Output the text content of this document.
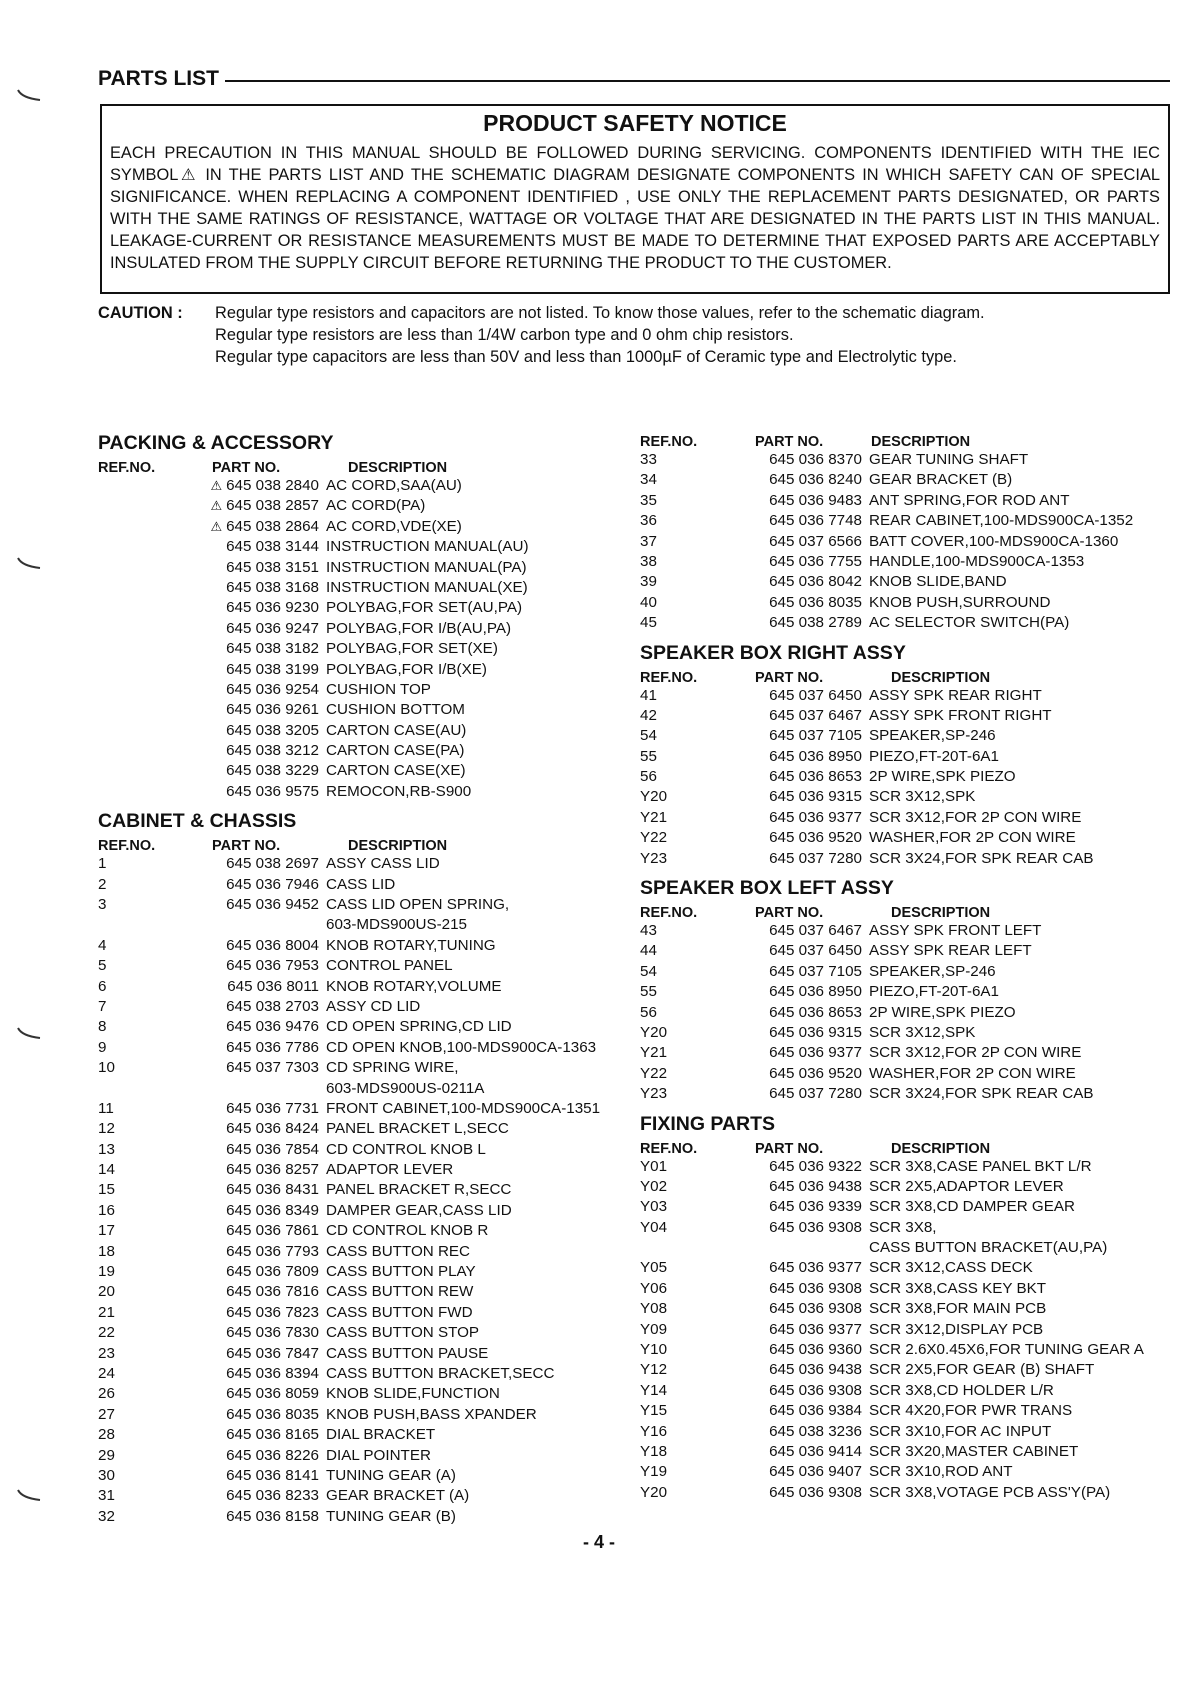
PARTS LIST
PRODUCT SAFETY NOTICE
EACH PRECAUTION IN THIS MANUAL SHOULD BE FOLLOWED DURING SERVICING. COMPONENTS IDENTIFIED WITH THE IEC SYMBOL⚠ IN THE PARTS LIST AND THE SCHEMATIC DIAGRAM DESIGNATE COMPONENTS IN WHICH SAFETY CAN OF SPECIAL SIGNIFICANCE. WHEN REPLACING A COMPONENT IDENTIFIED , USE ONLY THE REPLACEMENT PARTS DESIGNATED, OR PARTS WITH THE SAME RATINGS OF RESISTANCE, WATTAGE OR VOLTAGE THAT ARE DESIGNATED IN THE PARTS LIST IN THIS MANUAL. LEAKAGE-CURRENT OR RESISTANCE MEASUREMENTS MUST BE MADE TO DETERMINE THAT EXPOSED PARTS ARE ACCEPTABLY INSULATED FROM THE SUPPLY CIRCUIT BEFORE RETURNING THE PRODUCT TO THE CUSTOMER.
CAUTION :	Regular type resistors and capacitors are not listed. To know those values, refer to the schematic diagram.
Regular type resistors are less than 1/4W carbon type and 0 ohm chip resistors.
Regular type capacitors are less than 50V and less than 1000µF of Ceramic type and Electrolytic type.
PACKING & ACCESSORY
REF.NO.	PART NO.	DESCRIPTION
⚠ 645 038 2840 AC CORD,SAA(AU)
⚠ 645 038 2857 AC CORD(PA)
⚠ 645 038 2864 AC CORD,VDE(XE)
645 038 3144 INSTRUCTION MANUAL(AU)
645 038 3151 INSTRUCTION MANUAL(PA)
645 038 3168 INSTRUCTION MANUAL(XE)
645 036 9230 POLYBAG,FOR SET(AU,PA)
645 036 9247 POLYBAG,FOR I/B(AU,PA)
645 038 3182 POLYBAG,FOR SET(XE)
645 038 3199 POLYBAG,FOR I/B(XE)
645 036 9254 CUSHION TOP
645 036 9261 CUSHION BOTTOM
645 038 3205 CARTON CASE(AU)
645 038 3212 CARTON CASE(PA)
645 038 3229 CARTON CASE(XE)
645 036 9575 REMOCON,RB-S900
CABINET & CHASSIS
REF.NO.	PART NO.	DESCRIPTION
1	645 038 2697 ASSY CASS LID
2	645 036 7946 CASS LID
3	645 036 9452 CASS LID OPEN SPRING,
603-MDS900US-215
4	645 036 8004 KNOB ROTARY,TUNING
5	645 036 7953 CONTROL PANEL
6	645 036 8011 KNOB ROTARY,VOLUME
7	645 038 2703 ASSY CD LID
8	645 036 9476 CD OPEN SPRING,CD LID
9	645 036 7786 CD OPEN KNOB,100-MDS900CA-1363
10	645 037 7303 CD SPRING WIRE,
603-MDS900US-0211A
11	645 036 7731 FRONT CABINET,100-MDS900CA-1351
12	645 036 8424 PANEL BRACKET L,SECC
13	645 036 7854 CD CONTROL KNOB L
14	645 036 8257 ADAPTOR LEVER
15	645 036 8431 PANEL BRACKET R,SECC
16	645 036 8349 DAMPER GEAR,CASS LID
17	645 036 7861 CD CONTROL KNOB R
18	645 036 7793 CASS BUTTON REC
19	645 036 7809 CASS BUTTON PLAY
20	645 036 7816 CASS BUTTON REW
21	645 036 7823 CASS BUTTON FWD
22	645 036 7830 CASS BUTTON STOP
23	645 036 7847 CASS BUTTON PAUSE
24	645 036 8394 CASS BUTTON BRACKET,SECC
26	645 036 8059 KNOB SLIDE,FUNCTION
27	645 036 8035 KNOB PUSH,BASS XPANDER
28	645 036 8165 DIAL BRACKET
29	645 036 8226 DIAL POINTER
30	645 036 8141 TUNING GEAR (A)
31	645 036 8233 GEAR BRACKET (A)
32	645 036 8158 TUNING GEAR (B)
REF.NO.	PART NO.	DESCRIPTION
33	645 036 8370 GEAR TUNING SHAFT
34	645 036 8240 GEAR BRACKET (B)
35	645 036 9483 ANT SPRING,FOR ROD ANT
36	645 036 7748 REAR CABINET,100-MDS900CA-1352
37	645 037 6566 BATT COVER,100-MDS900CA-1360
38	645 036 7755 HANDLE,100-MDS900CA-1353
39	645 036 8042 KNOB SLIDE,BAND
40	645 036 8035 KNOB PUSH,SURROUND
45	645 038 2789 AC SELECTOR SWITCH(PA)
SPEAKER BOX RIGHT ASSY
REF.NO.	PART NO.	DESCRIPTION
41	645 037 6450 ASSY SPK REAR RIGHT
42	645 037 6467 ASSY SPK FRONT RIGHT
54	645 037 7105 SPEAKER,SP-246
55	645 036 8950 PIEZO,FT-20T-6A1
56	645 036 8653 2P WIRE,SPK PIEZO
Y20	645 036 9315 SCR 3X12,SPK
Y21	645 036 9377 SCR 3X12,FOR 2P CON WIRE
Y22	645 036 9520 WASHER,FOR 2P CON WIRE
Y23	645 037 7280 SCR 3X24,FOR SPK REAR CAB
SPEAKER BOX LEFT ASSY
REF.NO.	PART NO.	DESCRIPTION
43	645 037 6467 ASSY SPK FRONT LEFT
44	645 037 6450 ASSY SPK REAR LEFT
54	645 037 7105 SPEAKER,SP-246
55	645 036 8950 PIEZO,FT-20T-6A1
56	645 036 8653 2P WIRE,SPK PIEZO
Y20	645 036 9315 SCR 3X12,SPK
Y21	645 036 9377 SCR 3X12,FOR 2P CON WIRE
Y22	645 036 9520 WASHER,FOR 2P CON WIRE
Y23	645 037 7280 SCR 3X24,FOR SPK REAR CAB
FIXING PARTS
REF.NO.	PART NO.	DESCRIPTION
Y01	645 036 9322 SCR 3X8,CASE PANEL BKT L/R
Y02	645 036 9438 SCR 2X5,ADAPTOR LEVER
Y03	645 036 9339 SCR 3X8,CD DAMPER GEAR
Y04	645 036 9308 SCR 3X8,
CASS BUTTON BRACKET(AU,PA)
Y05	645 036 9377 SCR 3X12,CASS DECK
Y06	645 036 9308 SCR 3X8,CASS KEY BKT
Y08	645 036 9308 SCR 3X8,FOR MAIN PCB
Y09	645 036 9377 SCR 3X12,DISPLAY PCB
Y10	645 036 9360 SCR 2.6X0.45X6,FOR TUNING GEAR A
Y12	645 036 9438 SCR 2X5,FOR GEAR (B) SHAFT
Y14	645 036 9308 SCR 3X8,CD HOLDER L/R
Y15	645 036 9384 SCR 4X20,FOR PWR TRANS
Y16	645 038 3236 SCR 3X10,FOR AC INPUT
Y18	645 036 9414 SCR 3X20,MASTER CABINET
Y19	645 036 9407 SCR 3X10,ROD ANT
Y20	645 036 9308 SCR 3X8,VOTAGE PCB ASS'Y(PA)
- 4 -
